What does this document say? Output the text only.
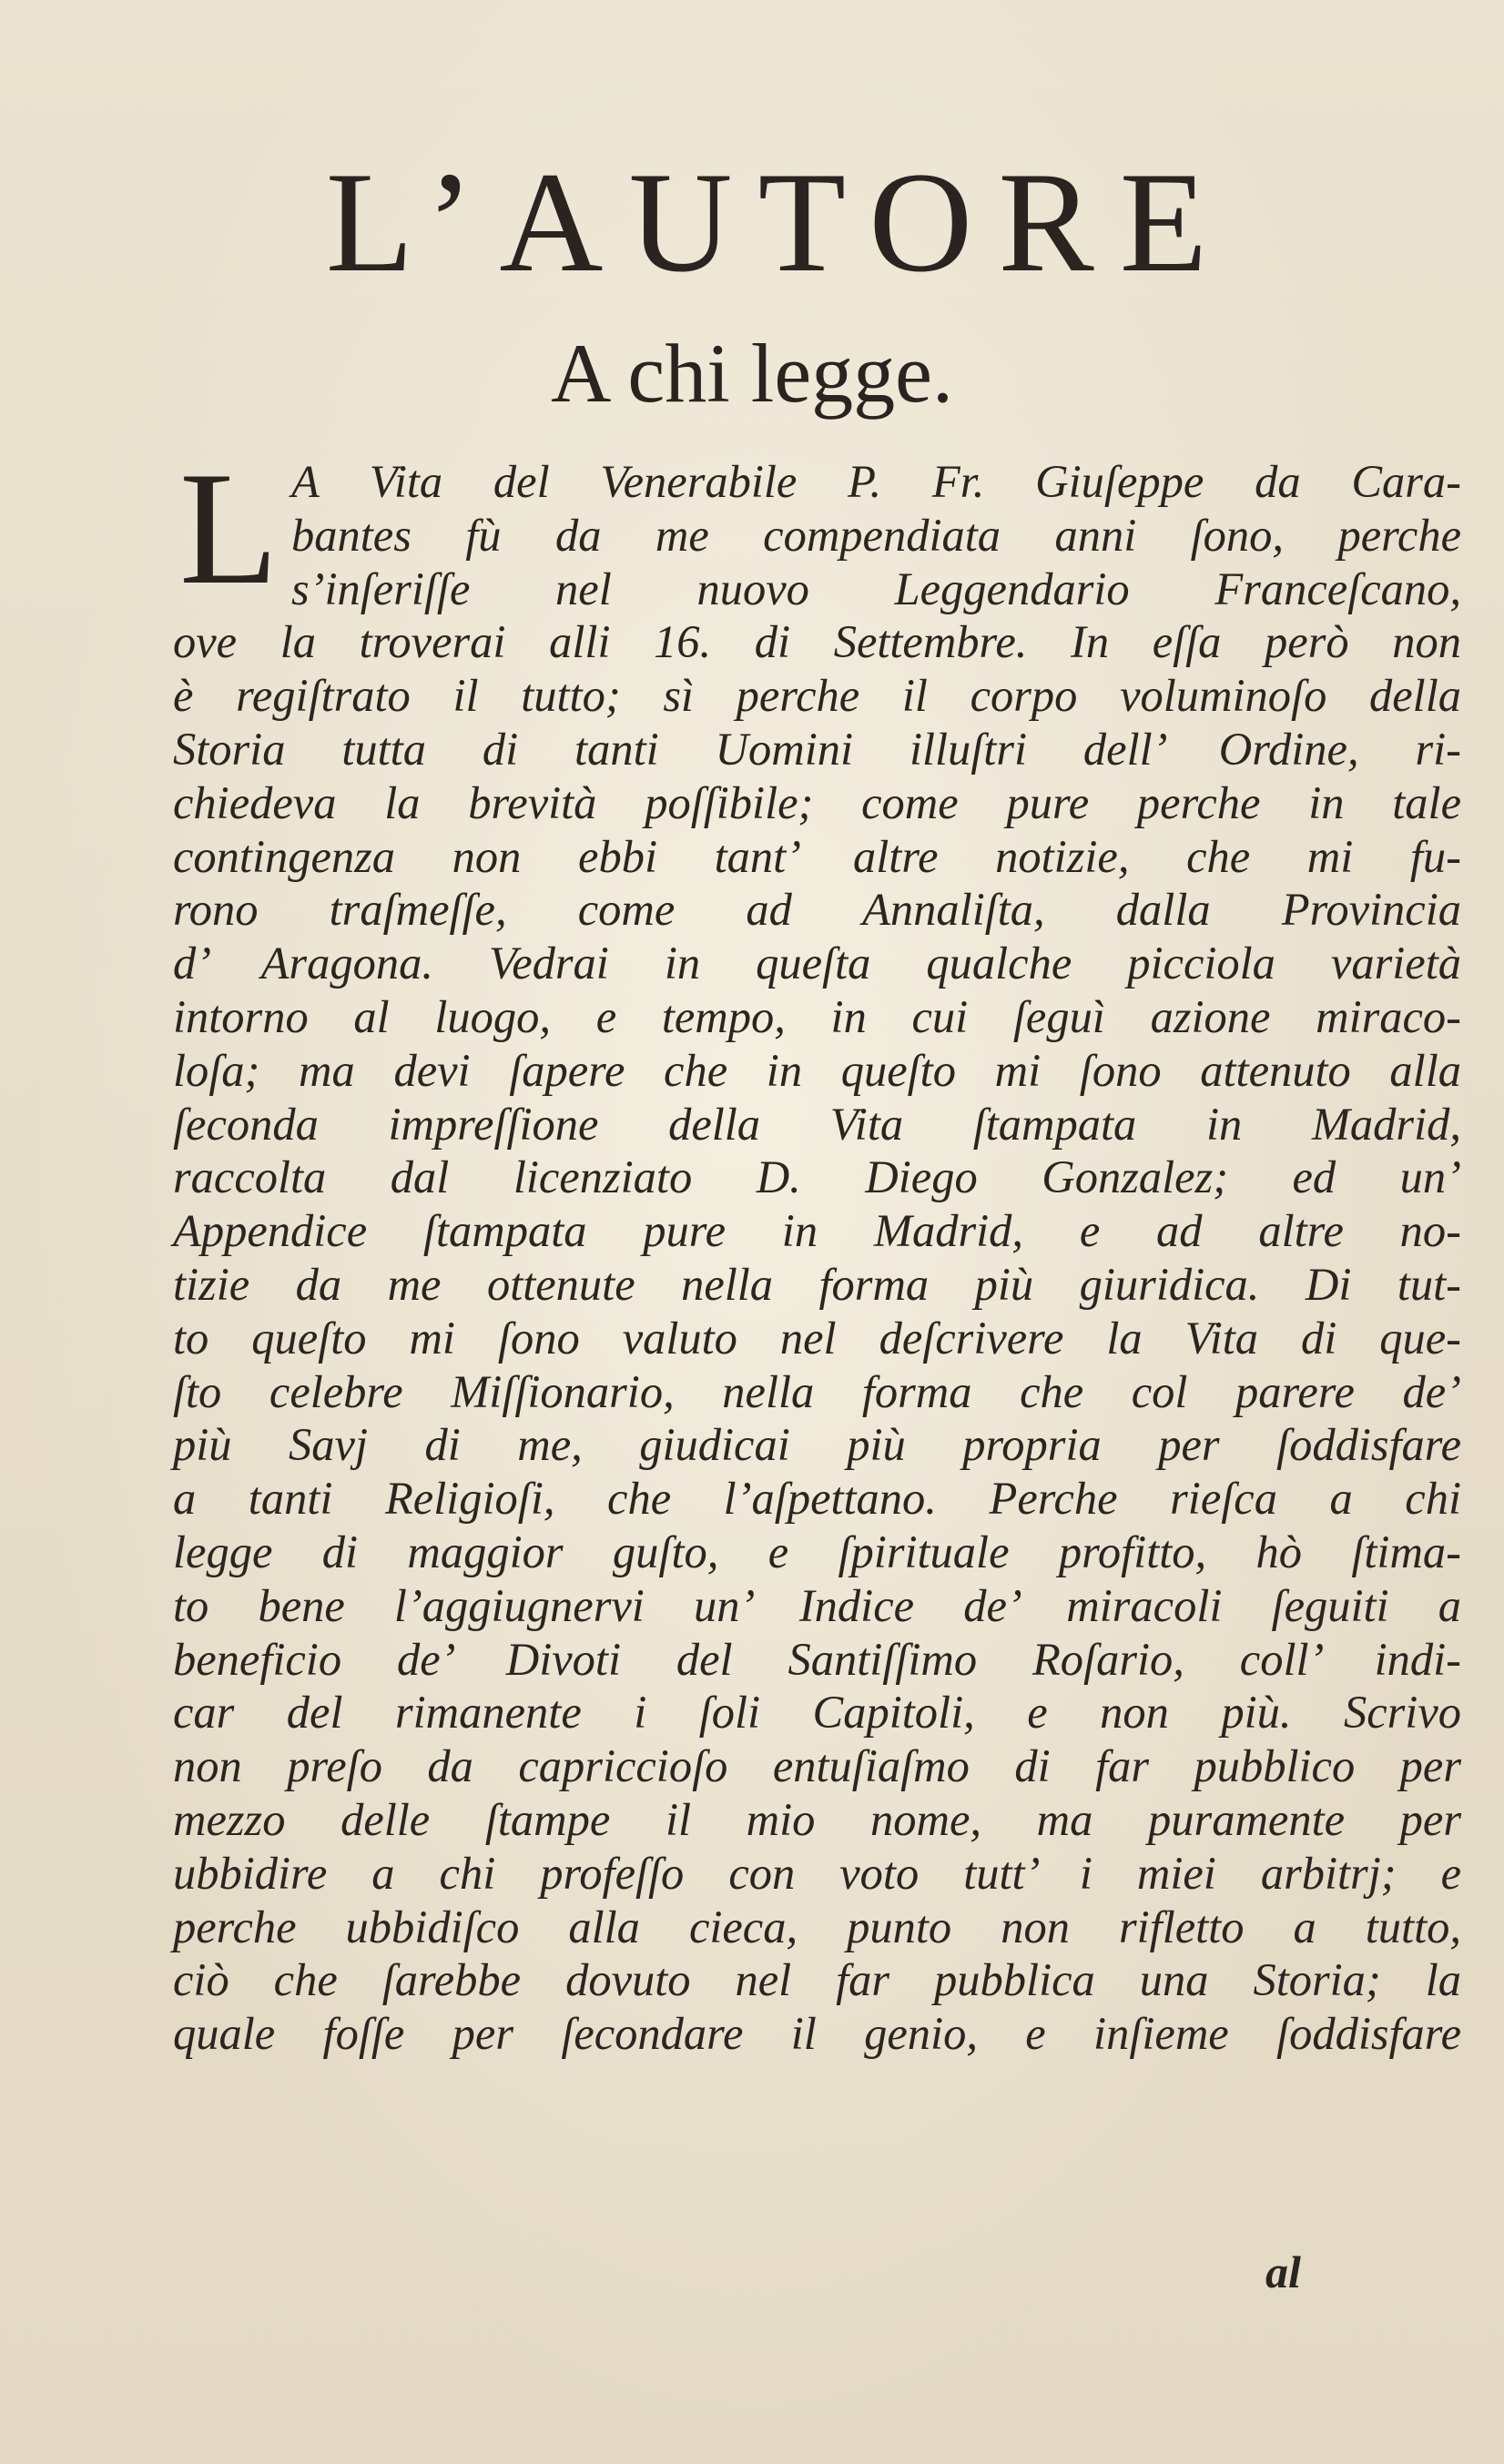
L’AUTORE
A chi legge.
L A Vita del Venerabile P. Fr. Giuſeppe da Cara-
bantes fù da me compendiata anni ſono, perche
s’inſeriſſe nel nuovo Leggendario Franceſcano,
ove la troverai alli 16. di Settembre. In eſſa però non
è regiſtrato il tutto; sì perche il corpo voluminoſo della
Storia tutta di tanti Uomini illuſtri dell’ Ordine, ri-
chiedeva la brevità poſſibile; come pure perche in tale
contingenza non ebbi tant’ altre notizie, che mi fu-
rono traſmeſſe, come ad Annaliſta, dalla Provincia
d’ Aragona. Vedrai in queſta qualche picciola varietà
intorno al luogo, e tempo, in cui ſeguì azione miraco-
loſa; ma devi ſapere che in queſto mi ſono attenuto alla
ſeconda impreſſione della Vita ſtampata in Madrid,
raccolta dal licenziato D. Diego Gonzalez; ed un’
Appendice ſtampata pure in Madrid, e ad altre no-
tizie da me ottenute nella forma più giuridica. Di tut-
to queſto mi ſono valuto nel deſcrivere la Vita di que-
ſto celebre Miſſionario, nella forma che col parere de’
più Savj di me, giudicai più propria per ſoddisfare
a tanti Religioſi, che l’aſpettano. Perche rieſca a chi
legge di maggior guſto, e ſpirituale profitto, hò ſtima-
to bene l’aggiugnervi un’ Indice de’ miracoli ſeguiti a
beneficio de’ Divoti del Santiſſimo Roſario, coll’ indi-
car del rimanente i ſoli Capitoli, e non più. Scrivo
non preſo da capriccioſo entuſiaſmo di far pubblico per
mezzo delle ſtampe il mio nome, ma puramente per
ubbidire a chi profeſſo con voto tutt’ i miei arbitrj; e
perche ubbidiſco alla cieca, punto non rifletto a tutto,
ciò che ſarebbe dovuto nel far pubblica una Storia; la
quale foſſe per ſecondare il genio, e inſieme ſoddisfare
al
